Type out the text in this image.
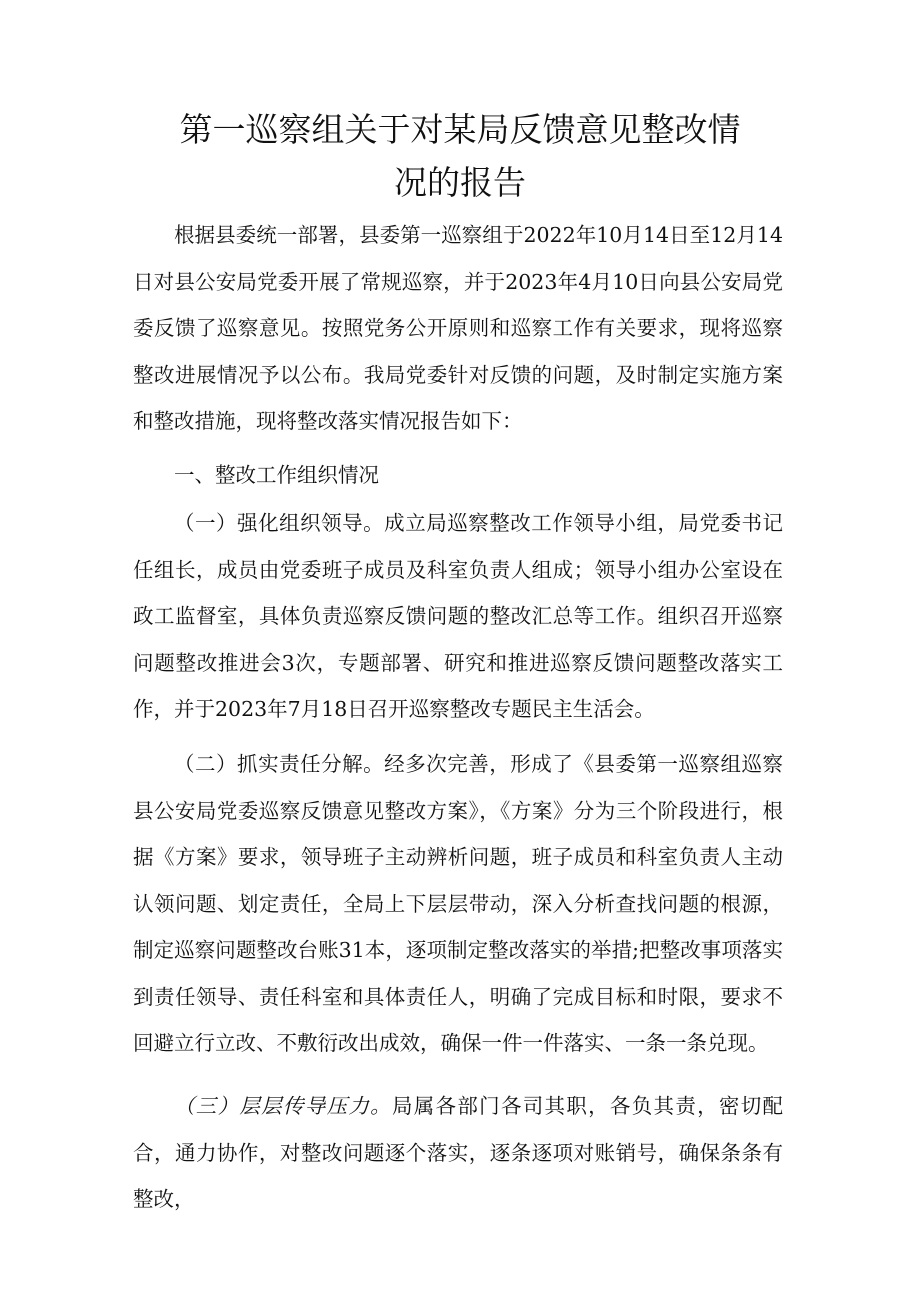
第一巡察组关于对某局反馈意见整改情
况的报告

根据县委统一部署，县委第一巡察组于2022年10月14日至12月14日对县公安局党委开展了常规巡察，并于2023年4月10日向县公安局党委反馈了巡察意见。按照党务公开原则和巡察工作有关要求，现将巡察整改进展情况予以公布。我局党委针对反馈的问题，及时制定实施方案和整改措施，现将整改落实情况报告如下：

一、整改工作组织情况

（一）强化组织领导。成立局巡察整改工作领导小组，局党委书记任组长，成员由党委班子成员及科室负责人组成；领导小组办公室设在政工监督室，具体负责巡察反馈问题的整改汇总等工作。组织召开巡察问题整改推进会3次，专题部署、研究和推进巡察反馈问题整改落实工作，并于2023年7月18日召开巡察整改专题民主生活会。

（二）抓实责任分解。经多次完善，形成了《县委第一巡察组巡察县公安局党委巡察反馈意见整改方案》，《方案》分为三个阶段进行，根据《方案》要求，领导班子主动辨析问题，班子成员和科室负责人主动认领问题、划定责任，全局上下层层带动，深入分析查找问题的根源，制定巡察问题整改台账31本，逐项制定整改落实的举措;把整改事项落实到责任领导、责任科室和具体责任人，明确了完成目标和时限，要求不回避立行立改、不敷衍改出成效，确保一件一件落实、一条一条兑现。

（三）层层传导压力。局属各部门各司其职，各负其责，密切配合，通力协作，对整改问题逐个落实，逐条逐项对账销号，确保条条有整改，
